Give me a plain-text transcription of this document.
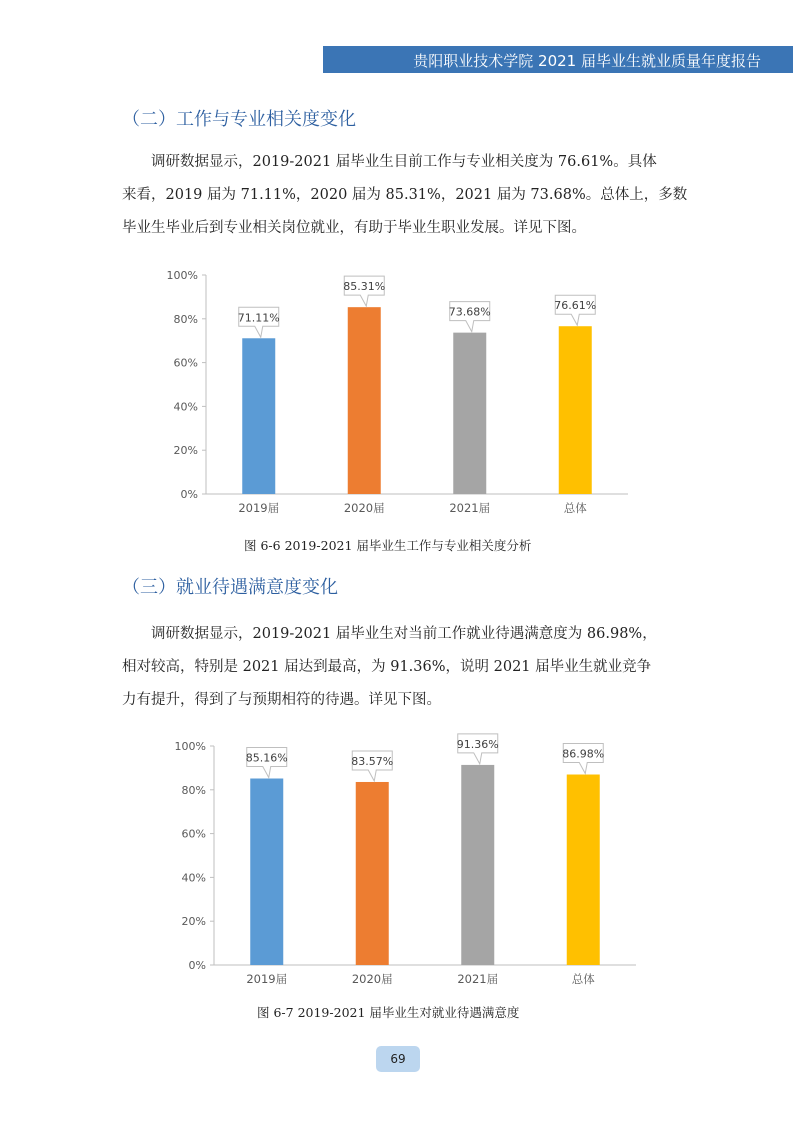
贵阳职业技术学院 2021 届毕业生就业质量年度报告
（二）工作与专业相关度变化
调研数据显示，2019-2021 届毕业生目前工作与专业相关度为 76.61%。具体
来看，2019 届为 71.11%，2020 届为 85.31%，2021 届为 73.68%。总体上，多数
毕业生毕业后到专业相关岗位就业，有助于毕业生职业发展。详见下图。
0%
20%
40%
60%
80%
100%
2019届
71.11%
2020届
85.31%
2021届
73.68%
总体
76.61%
图 6-6 2019-2021 届毕业生工作与专业相关度分析
（三）就业待遇满意度变化
调研数据显示，2019-2021 届毕业生对当前工作就业待遇满意度为 86.98%，
相对较高，特别是 2021 届达到最高，为 91.36%，说明 2021 届毕业生就业竞争
力有提升，得到了与预期相符的待遇。详见下图。
0%
20%
40%
60%
80%
100%
2019届
85.16%
2020届
83.57%
2021届
91.36%
总体
86.98%
图 6-7 2019-2021 届毕业生对就业待遇满意度
69
